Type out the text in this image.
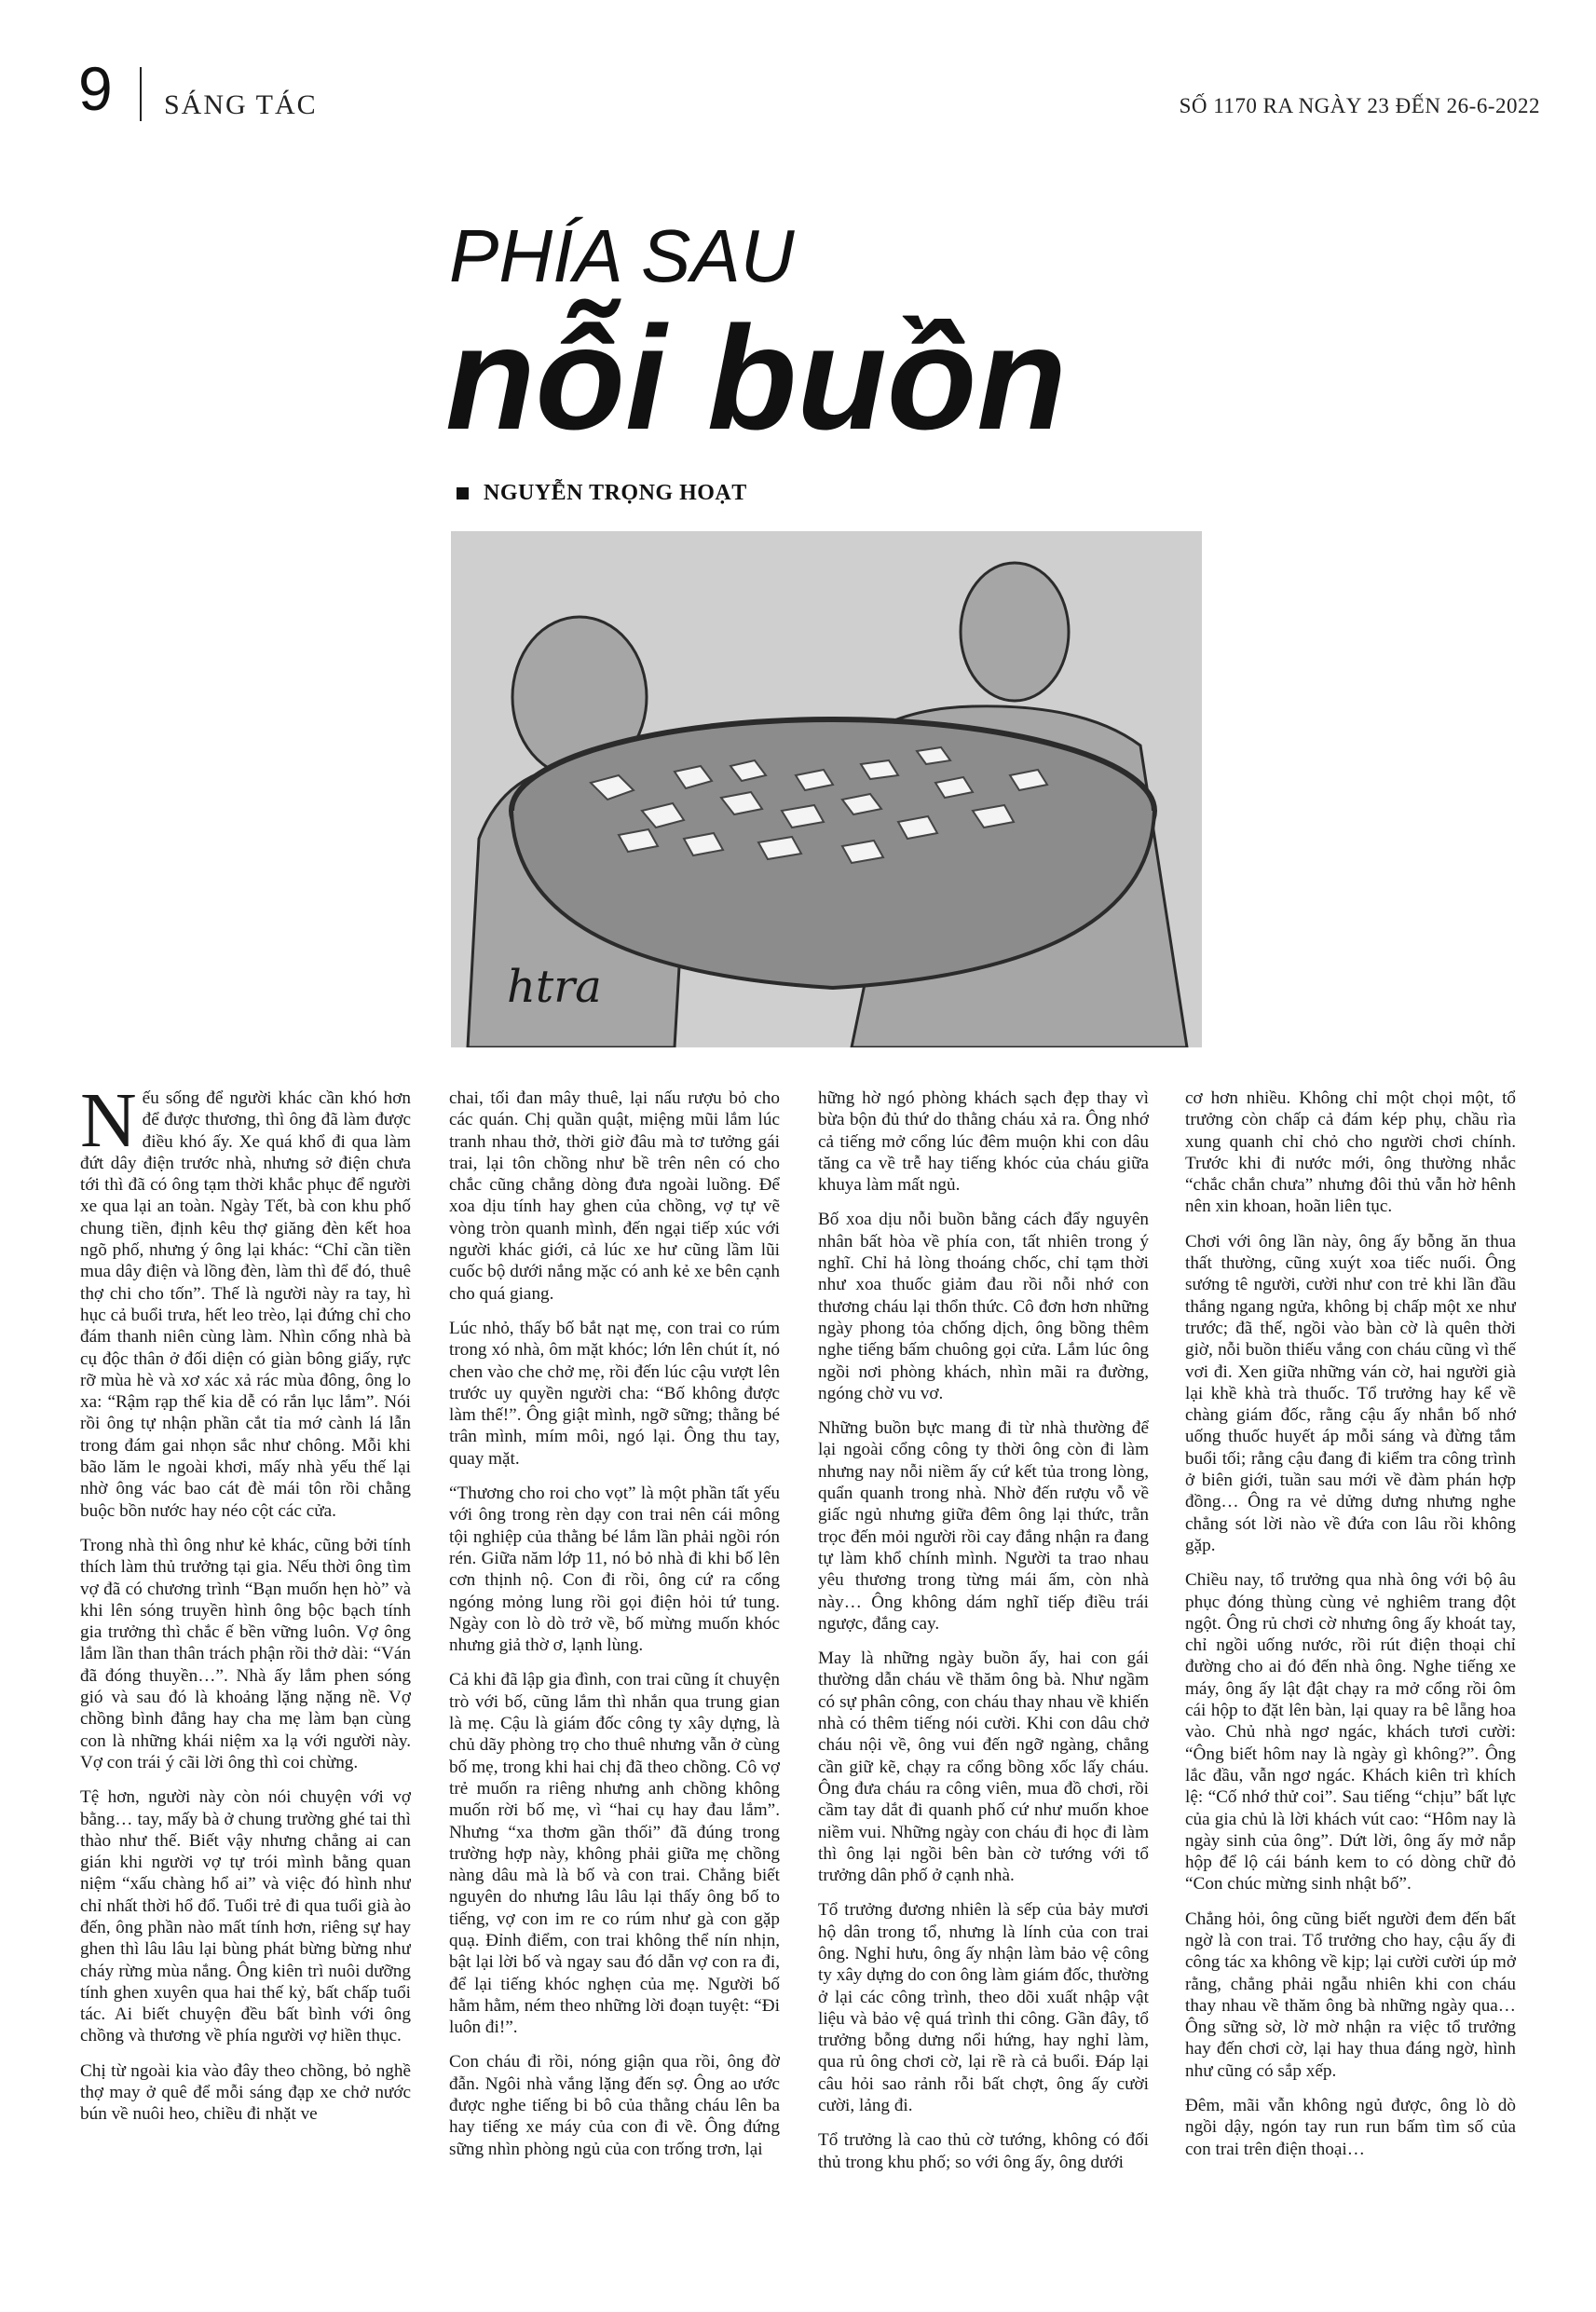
9 SÁNG TÁC	SỐ 1170 RA NGÀY 23 ĐẾN 26-6-2022

PHÍA SAU
nỗi buồn
NGUYỄN TRỌNG HOẠT
htra

Nếu sống để người khác cần khó hơn để được thương, thì ông đã làm được điều khó ấy. Xe quá khổ đi qua làm đứt dây điện trước nhà, nhưng sở điện chưa tới thì đã có ông tạm thời khắc phục để người xe qua lại an toàn. Ngày Tết, bà con khu phố chung tiền, định kêu thợ giăng đèn kết hoa ngõ phố, nhưng ý ông lại khác: “Chỉ cần tiền mua dây điện và lồng đèn, làm thì để đó, thuê thợ chi cho tốn”. Thế là người này ra tay, hì hục cả buổi trưa, hết leo trèo, lại đứng chỉ cho đám thanh niên cùng làm. Nhìn cổng nhà bà cụ độc thân ở đối diện có giàn bông giấy, rực rỡ mùa hè và xơ xác xả rác mùa đông, ông lo xa: “Rậm rạp thế kia dễ có rắn lục lắm”. Nói rồi ông tự nhận phần cắt tỉa mớ cành lá lẫn trong đám gai nhọn sắc như chông. Mỗi khi bão lăm le ngoài khơi, mấy nhà yếu thế lại nhờ ông vác bao cát đè mái tôn rồi chằng buộc bồn nước hay néo cột các cửa.

Trong nhà thì ông như kẻ khác, cũng bởi tính thích làm thủ trưởng tại gia. Nếu thời ông tìm vợ đã có chương trình “Bạn muốn hẹn hò” và khi lên sóng truyền hình ông bộc bạch tính gia trưởng thì chắc ế bền vững luôn. Vợ ông lắm lần than thân trách phận rồi thở dài: “Ván đã đóng thuyền…”. Nhà ấy lắm phen sóng gió và sau đó là khoảng lặng nặng nề. Vợ chồng bình đẳng hay cha mẹ làm bạn cùng con là những khái niệm xa lạ với người này. Vợ con trái ý cãi lời ông thì coi chừng.

Tệ hơn, người này còn nói chuyện với vợ bằng… tay, mấy bà ở chung trường ghé tai thì thào như thế. Biết vậy nhưng chẳng ai can gián khi người vợ tự trói mình bằng quan niệm “xấu chàng hổ ai” và việc đó hình như chỉ nhất thời hổ đổ. Tuổi trẻ đi qua tuổi già ào đến, ông phần nào mất tính hơn, riêng sự hay ghen thì lâu lâu lại bùng phát bừng bừng như cháy rừng mùa nắng. Ông kiên trì nuôi dưỡng tính ghen xuyên qua hai thế kỷ, bất chấp tuổi tác. Ai biết chuyện đều bất bình với ông chồng và thương về phía người vợ hiền thục.

Chị từ ngoài kia vào đây theo chồng, bỏ nghề thợ may ở quê để mỗi sáng đạp xe chở nước bún về nuôi heo, chiều đi nhặt ve

chai, tối đan mây thuê, lại nấu rượu bỏ cho các quán. Chị quần quật, miệng mũi lắm lúc tranh nhau thở, thời giờ đâu mà tơ tưởng gái trai, lại tôn chồng như bề trên nên có cho chắc cũng chẳng dòng đưa ngoài luồng. Để xoa dịu tính hay ghen của chồng, vợ tự vẽ vòng tròn quanh mình, đến ngại tiếp xúc với người khác giới, cả lúc xe hư cũng lầm lũi cuốc bộ dưới nắng mặc có anh kẻ xe bên cạnh cho quá giang.

Lúc nhỏ, thấy bố bắt nạt mẹ, con trai co rúm trong xó nhà, ôm mặt khóc; lớn lên chút ít, nó chen vào che chở mẹ, rồi đến lúc cậu vượt lên trước uy quyền người cha: “Bố không được làm thế!”. Ông giật mình, ngỡ sững; thằng bé trân mình, mím môi, ngó lại. Ông thu tay, quay mặt.

“Thương cho roi cho vọt” là một phần tất yếu với ông trong rèn dạy con trai nên cái mông tội nghiệp của thằng bé lắm lần phải ngồi rón rén. Giữa năm lớp 11, nó bỏ nhà đi khi bố lên cơn thịnh nộ. Con đi rồi, ông cứ ra cổng ngóng mỏng lung rồi gọi điện hỏi tứ tung. Ngày con lò dò trở về, bố mừng muốn khóc nhưng giả thờ ơ, lạnh lùng.

Cả khi đã lập gia đình, con trai cũng ít chuyện trò với bố, cũng lắm thì nhắn qua trung gian là mẹ. Cậu là giám đốc công ty xây dựng, là chủ dãy phòng trọ cho thuê nhưng vẫn ở cùng bố mẹ, trong khi hai chị đã theo chồng. Cô vợ trẻ muốn ra riêng nhưng anh chồng không muốn rời bố mẹ, vì “hai cụ hay đau lắm”. Nhưng “xa thơm gần thối” đã đúng trong trường hợp này, không phải giữa mẹ chồng nàng dâu mà là bố và con trai. Chẳng biết nguyên do nhưng lâu lâu lại thấy ông bố to tiếng, vợ con im re co rúm như gà con gặp quạ. Đỉnh điểm, con trai không thể nín nhịn, bật lại lời bố và ngay sau đó dẫn vợ con ra đi, để lại tiếng khóc nghẹn của mẹ. Người bố hằm hằm, ném theo những lời đoạn tuyệt: “Đi luôn đi!”.

Con cháu đi rồi, nóng giận qua rồi, ông đờ đẫn. Ngôi nhà vắng lặng đến sợ. Ông ao ước được nghe tiếng bi bô của thằng cháu lên ba hay tiếng xe máy của con đi về. Ông đứng sững nhìn phòng ngủ của con trống trơn, lại

hững hờ ngó phòng khách sạch đẹp thay vì bừa bộn đủ thứ do thằng cháu xả ra. Ông nhớ cả tiếng mở cổng lúc đêm muộn khi con dâu tăng ca về trễ hay tiếng khóc của cháu giữa khuya làm mất ngủ.

Bố xoa dịu nỗi buồn bằng cách đẩy nguyên nhân bất hòa về phía con, tất nhiên trong ý nghĩ. Chỉ hả lòng thoáng chốc, chỉ tạm thời như xoa thuốc giảm đau rồi nỗi nhớ con thương cháu lại thổn thức. Cô đơn hơn những ngày phong tỏa chống dịch, ông bồng thêm nghe tiếng bấm chuông gọi cửa. Lắm lúc ông ngồi nơi phòng khách, nhìn mãi ra đường, ngóng chờ vu vơ.

Những buồn bực mang đi từ nhà thường để lại ngoài cổng công ty thời ông còn đi làm nhưng nay nỗi niềm ấy cứ kết tủa trong lòng, quẩn quanh trong nhà. Nhờ đến rượu vỗ về giấc ngủ nhưng giữa đêm ông lại thức, trằn trọc đến mỏi người rồi cay đắng nhận ra đang tự làm khổ chính mình. Người ta trao nhau yêu thương trong từng mái ấm, còn nhà này… Ông không dám nghĩ tiếp điều trái ngược, đắng cay.

May là những ngày buồn ấy, hai con gái thường dẫn cháu về thăm ông bà. Như ngầm có sự phân công, con cháu thay nhau về khiến nhà có thêm tiếng nói cười. Khi con dâu chở cháu nội về, ông vui đến ngỡ ngàng, chẳng cần giữ kẽ, chạy ra cổng bồng xốc lấy cháu. Ông đưa cháu ra công viên, mua đồ chơi, rồi cầm tay dắt đi quanh phố cứ như muốn khoe niềm vui. Những ngày con cháu đi học đi làm thì ông lại ngồi bên bàn cờ tướng với tổ trưởng dân phố ở cạnh nhà.

Tổ trưởng đương nhiên là sếp của bảy mươi hộ dân trong tổ, nhưng là lính của con trai ông. Nghỉ hưu, ông ấy nhận làm bảo vệ công ty xây dựng do con ông làm giám đốc, thường ở lại các công trình, theo dõi xuất nhập vật liệu và bảo vệ quá trình thi công. Gần đây, tổ trưởng bỗng dưng nổi hứng, hay nghỉ làm, qua rủ ông chơi cờ, lại rề rà cả buổi. Đáp lại câu hỏi sao rảnh rỗi bất chợt, ông ấy cười cười, lảng đi.

Tổ trưởng là cao thủ cờ tướng, không có đối thủ trong khu phố; so với ông ấy, ông dưới

cơ hơn nhiều. Không chỉ một chọi một, tổ trưởng còn chấp cả đám kép phụ, chầu rìa xung quanh chỉ chỏ cho người chơi chính. Trước khi đi nước mới, ông thường nhắc “chắc chắn chưa” nhưng đôi thủ vẫn hờ hênh nên xin khoan, hoãn liên tục.

Chơi với ông lần này, ông ấy bỗng ăn thua thất thường, cũng xuýt xoa tiếc nuối. Ông sướng tê người, cười như con trẻ khi lần đầu thắng ngang ngửa, không bị chấp một xe như trước; đã thế, ngồi vào bàn cờ là quên thời giờ, nỗi buồn thiếu vắng con cháu cũng vì thế vơi đi. Xen giữa những ván cờ, hai người già lại khề khà trà thuốc. Tổ trưởng hay kể về chàng giám đốc, rằng cậu ấy nhắn bố nhớ uống thuốc huyết áp mỗi sáng và đừng tắm buổi tối; rằng cậu đang đi kiểm tra công trình ở biên giới, tuần sau mới về đàm phán hợp đồng… Ông ra vẻ dửng dưng nhưng nghe chẳng sót lời nào về đứa con lâu rồi không gặp.

Chiều nay, tổ trưởng qua nhà ông với bộ âu phục đóng thùng cùng vẻ nghiêm trang đột ngột. Ông rủ chơi cờ nhưng ông ấy khoát tay, chỉ ngồi uống nước, rồi rút điện thoại chỉ đường cho ai đó đến nhà ông. Nghe tiếng xe máy, ông ấy lật đật chạy ra mở cổng rồi ôm cái hộp to đặt lên bàn, lại quay ra bê lẵng hoa vào. Chủ nhà ngơ ngác, khách tươi cười: “Ông biết hôm nay là ngày gì không?”. Ông lắc đầu, vẫn ngơ ngác. Khách kiên trì khích lệ: “Cố nhớ thử coi”. Sau tiếng “chịu” bất lực của gia chủ là lời khách vút cao: “Hôm nay là ngày sinh của ông”. Dứt lời, ông ấy mở nắp hộp để lộ cái bánh kem to có dòng chữ đỏ “Con chúc mừng sinh nhật bố”.

Chẳng hỏi, ông cũng biết người đem đến bất ngờ là con trai. Tổ trưởng cho hay, cậu ấy đi công tác xa không về kịp; lại cười cười úp mở rằng, chẳng phải ngẫu nhiên khi con cháu thay nhau về thăm ông bà những ngày qua… Ông sững sờ, lờ mờ nhận ra việc tổ trưởng hay đến chơi cờ, lại hay thua đáng ngờ, hình như cũng có sắp xếp.

Đêm, mãi vẫn không ngủ được, ông lò dò ngồi dậy, ngón tay run run bấm tìm số của con trai trên điện thoại…
